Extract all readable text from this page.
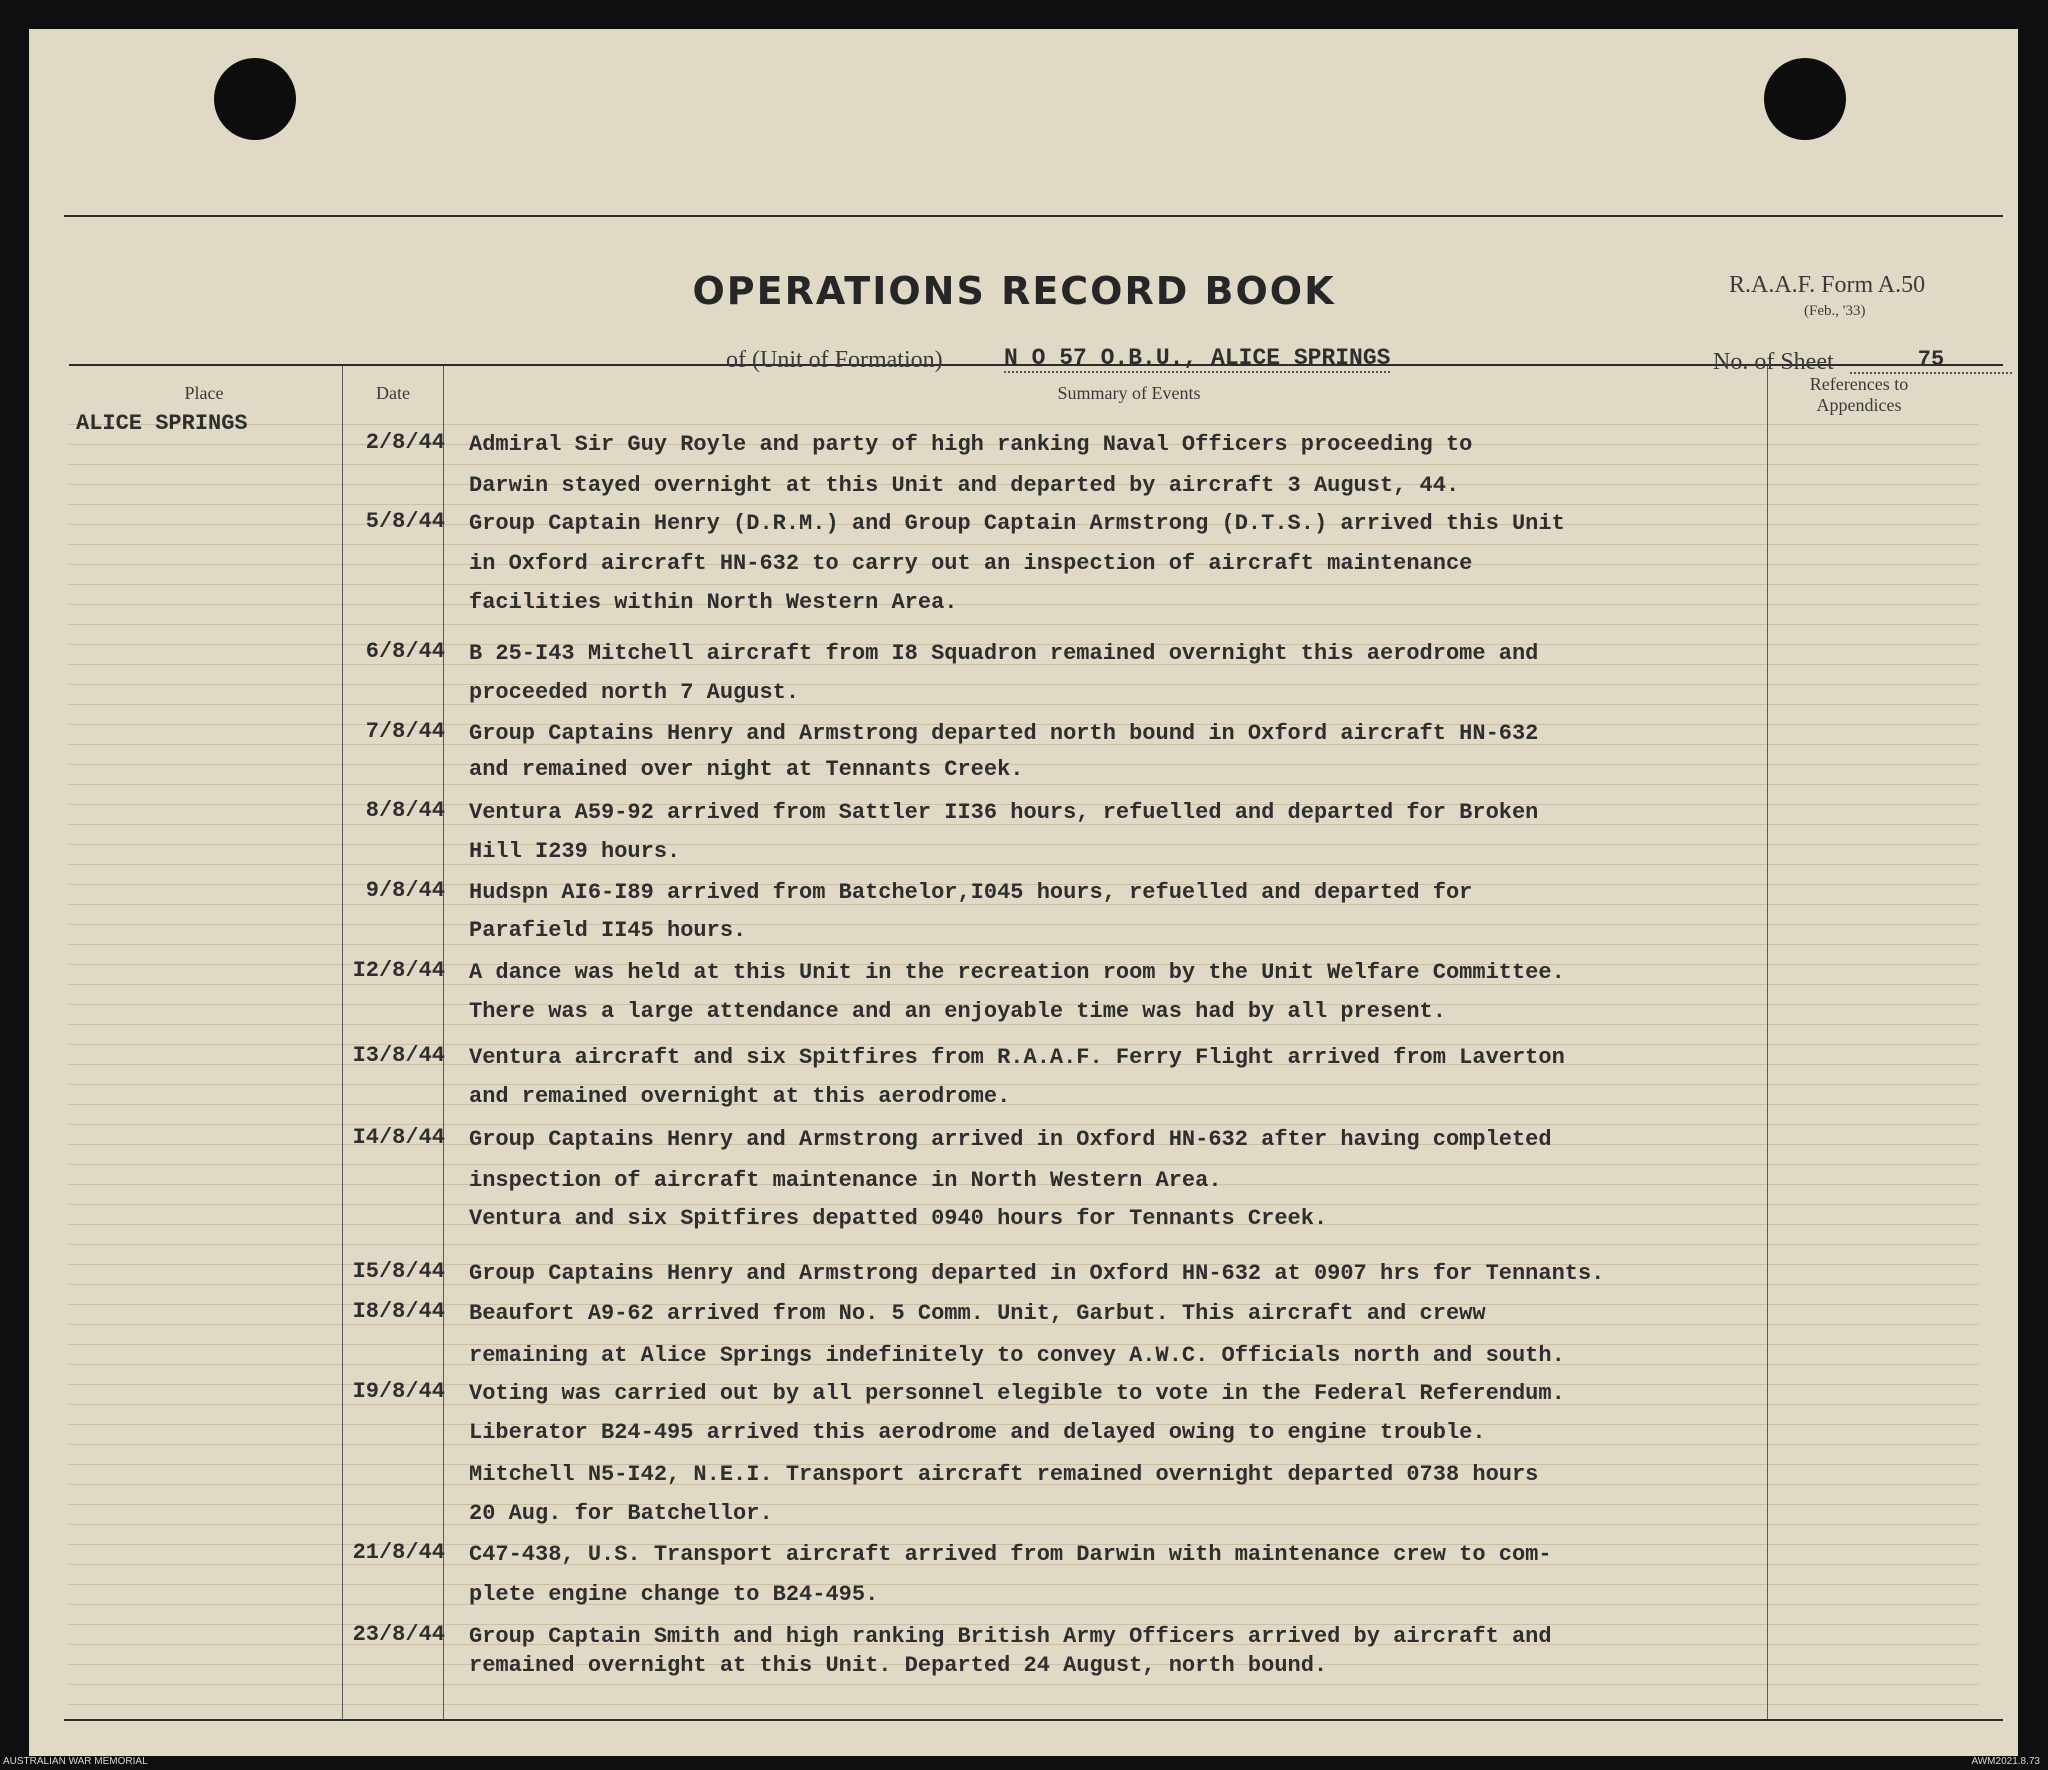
OPERATIONS RECORD BOOK	R.A.A.F. Form A.50
(Feb., '33)
of (Unit of Formation)	N O 57 O.B.U., ALICE SPRINGS	No. of Sheet	75
Place	Date	Summary of Events	References to Appendices
ALICE SPRINGS
2/8/44 Admiral Sir Guy Royle and party of high ranking Naval Officers proceeding to
Darwin stayed overnight at this Unit and departed by aircraft 3 August, 44.
5/8/44 Group Captain Henry (D.R.M.) and Group Captain Armstrong (D.T.S.) arrived this Unit
in Oxford aircraft HN-632 to carry out an inspection of aircraft maintenance
facilities within North Western Area.
6/8/44 B 25-I43 Mitchell aircraft from I8 Squadron remained overnight this aerodrome and
proceeded north 7 August.
7/8/44 Group Captains Henry and Armstrong departed north bound in Oxford aircraft HN-632
and remained over night at Tennants Creek.
8/8/44 Ventura A59-92 arrived from Sattler II36 hours, refuelled and departed for Broken
Hill I239 hours.
9/8/44 Hudspn AI6-I89 arrived from Batchelor,I045 hours, refuelled and departed for
Parafield II45 hours.
I2/8/44 A dance was held at this Unit in the recreation room by the Unit Welfare Committee.
There was a large attendance and an enjoyable time was had by all present.
I3/8/44 Ventura aircraft and six Spitfires from R.A.A.F. Ferry Flight arrived from Laverton
and remained overnight at this aerodrome.
I4/8/44 Group Captains Henry and Armstrong arrived in Oxford HN-632 after having completed
inspection of aircraft maintenance in North Western Area.
Ventura and six Spitfires depatted 0940 hours for Tennants Creek.
I5/8/44 Group Captains Henry and Armstrong departed in Oxford HN-632 at 0907 hrs for Tennants.
I8/8/44 Beaufort A9-62 arrived from No. 5 Comm. Unit, Garbut. This aircraft and creww
remaining at Alice Springs indefinitely to convey A.W.C. Officials north and south.
I9/8/44 Voting was carried out by all personnel elegible to vote in the Federal Referendum.
Liberator B24-495 arrived this aerodrome and delayed owing to engine trouble.
Mitchell N5-I42, N.E.I. Transport aircraft remained overnight departed 0738 hours
20 Aug. for Batchellor.
21/8/44 C47-438, U.S. Transport aircraft arrived from Darwin with maintenance crew to com-
plete engine change to B24-495.
23/8/44 Group Captain Smith and high ranking British Army Officers arrived by aircraft and
remained overnight at this Unit. Departed 24 August, north bound.
AUSTRALIAN WAR MEMORIAL	AWM2021.8.73
